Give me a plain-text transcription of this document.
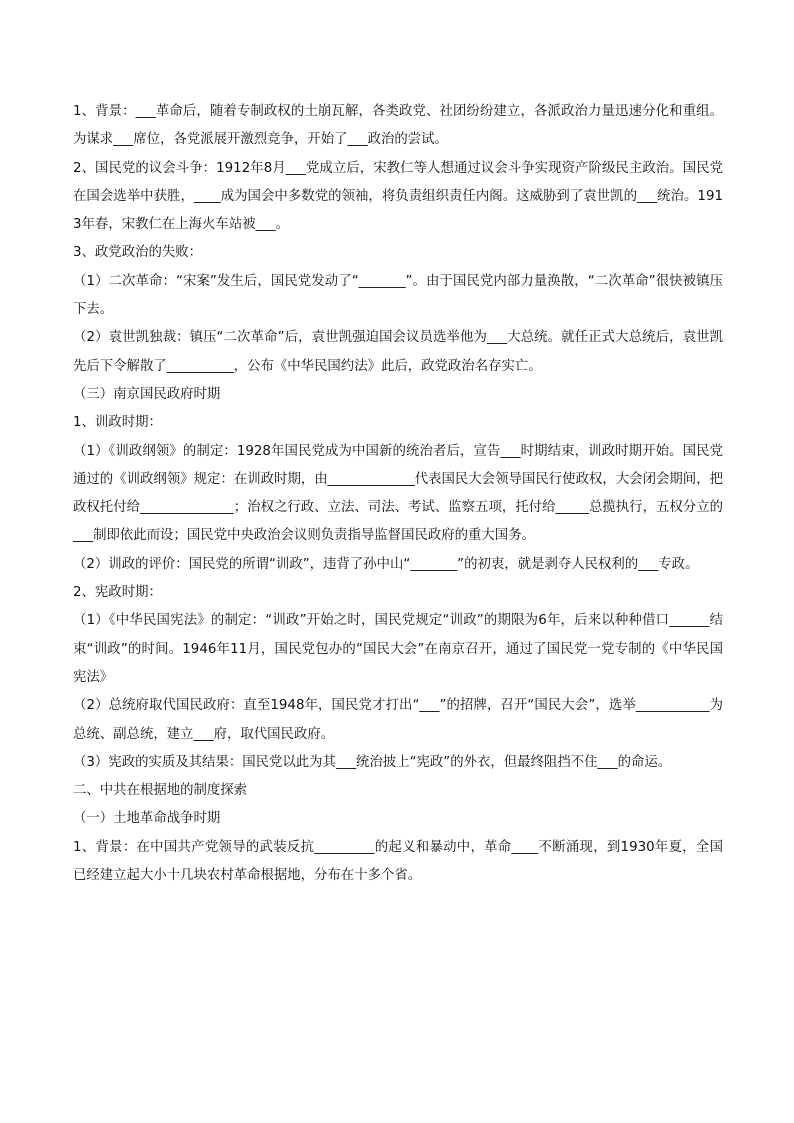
1、背景：___革命后，随着专制政权的土崩瓦解，各类政党、社团纷纷建立，各派政治力量迅速分化和重组。为谋求___席位，各党派展开激烈竞争，开始了___政治的尝试。

2、国民党的议会斗争：1912年8月___党成立后，宋教仁等人想通过议会斗争实现资产阶级民主政治。国民党在国会选举中获胜，____成为国会中多数党的领袖，将负责组织责任内阁。这威胁到了袁世凯的___统治。1913年春，宋教仁在上海火车站被___。

3、政党政治的失败：

（1）二次革命：“宋案”发生后，国民党发动了“_______”。由于国民党内部力量涣散，“二次革命”很快被镇压下去。

（2）袁世凯独裁：镇压“二次革命”后，袁世凯强迫国会议员选举他为___大总统。就任正式大总统后，袁世凯先后下令解散了__________，公布《中华民国约法》此后，政党政治名存实亡。

（三）南京国民政府时期

1、训政时期：

（1）《训政纲领》的制定：1928年国民党成为中国新的统治者后，宣告___时期结束，训政时期开始。国民党通过的《训政纲领》规定：在训政时期，由_____________代表国民大会领导国民行使政权，大会闭会期间，把政权托付给______________；治权之行政、立法、司法、考试、监察五项，托付给_____总揽执行，五权分立的___制即依此而设；国民党中央政治会议则负责指导监督国民政府的重大国务。

（2）训政的评价：国民党的所谓“训政”，违背了孙中山“_______”的初衷，就是剥夺人民权利的___专政。

2、宪政时期：

（1）《中华民国宪法》的制定：“训政”开始之时，国民党规定“训政”的期限为6年，后来以种种借口______结束“训政”的时间。1946年11月，国民党包办的“国民大会”在南京召开，通过了国民党一党专制的《中华民国宪法》

（2）总统府取代国民政府：直至1948年，国民党才打出“___”的招牌，召开“国民大会”，选举___________为总统、副总统，建立___府，取代国民政府。

（3）宪政的实质及其结果：国民党以此为其___统治披上“宪政”的外衣，但最终阻挡不住___的命运。

二、中共在根据地的制度探索

（一）土地革命战争时期

1、背景：在中国共产党领导的武装反抗_________的起义和暴动中，革命____不断涌现，到1930年夏，全国已经建立起大小十几块农村革命根据地，分布在十多个省。
